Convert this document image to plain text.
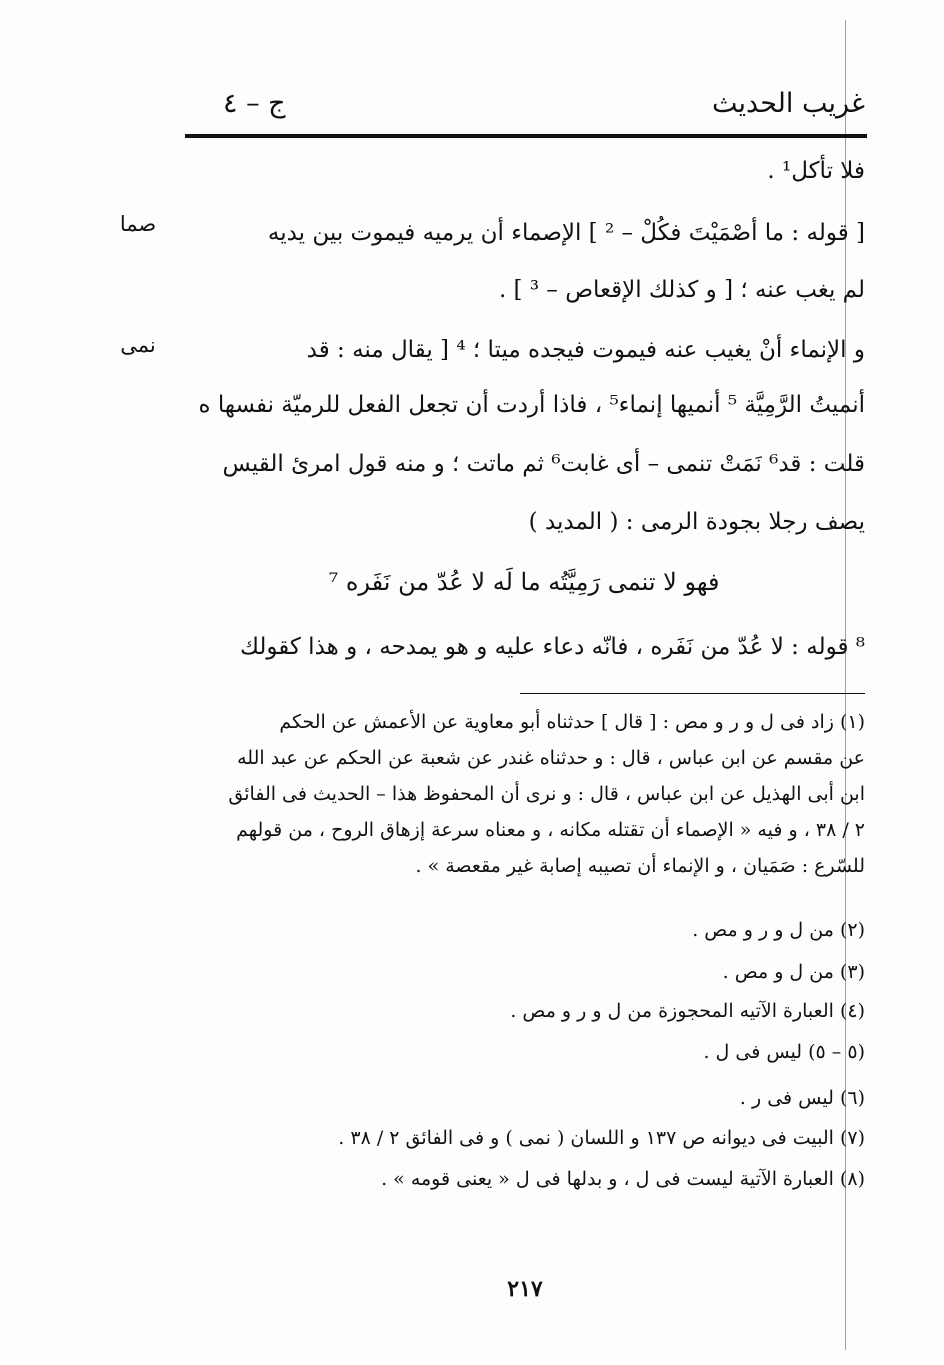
غريب الحديث
ج – ٤
صما
نمى
فلا تأكل¹ .
[ قوله : ما أصْمَيْتَ فكُلْ – ² ] الإصماء أن يرميه فيموت بين يديه
لم يغب عنه ؛ [ و كذلك الإقعاص – ³ ] .
و الإنماء أنْ يغيب عنه فيموت فيجده ميتا ؛ ⁴ [ يقال منه : قد
أنميتُ الرَّمِيَّة ⁵ أنميها إنماء⁵ ، فاذا أردت أن تجعل الفعل للرميّة نفسها ه
قلت : قد⁶ نَمَتْ تنمى – أى غابت⁶ ثم ماتت ؛ و منه قول امرئ القيس
يصف رجلا بجودة الرمى : ( المديد )
فهو لا تنمى رَمِيَّتُه ما لَه لا عُدّ من نَفَره ⁷
⁸ قوله : لا عُدّ من نَفَره ، فانّه دعاء عليه و هو يمدحه ، و هذا كقولك
(١) زاد فى ل و ر و مص : [ قال ] حدثناه أبو معاوية عن الأعمش عن الحكم
عن مقسم عن ابن عباس ، قال : و حدثناه غندر عن شعبة عن الحكم عن عبد الله
ابن أبى الهذيل عن ابن عباس ، قال : و نرى أن المحفوظ هذا – الحديث فى الفائق
٢ / ٣٨ ، و فيه « الإصماء أن تقتله مكانه ، و معناه سرعة إزهاق الروح ، من قولهم
للسّرع : صَمَيان ، و الإنماء أن تصيبه إصابة غير مقعصة » .
(٢) من ل و ر و مص .
(٣) من ل و مص .
(٤) العبارة الآتيه المحجوزة من ل و ر و مص .
(٥ – ٥) ليس فى ل .
(٦) ليس فى ر .
(٧) البيت فى ديوانه ص ١٣٧ و اللسان ( نمى ) و فى الفائق ٢ / ٣٨ .
(٨) العبارة الآتية ليست فى ل ، و بدلها فى ل « يعنى قومه » .
٢١٧
